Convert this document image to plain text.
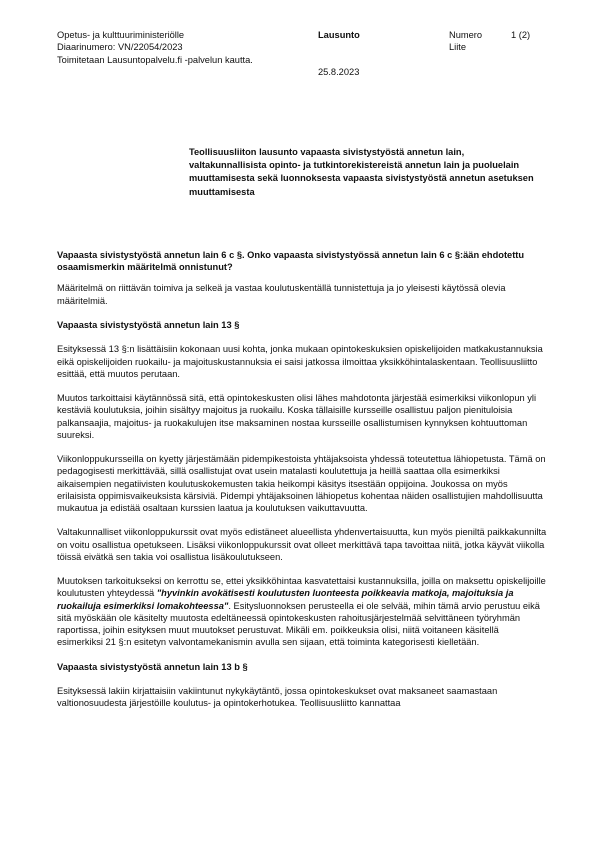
Opetus- ja kulttuuriministeriölle
Diaarinumero: VN/22054/2023
Toimitetaan Lausuntopalvelu.fi -palvelun kautta.
Lausunto
25.8.2023
Numero	1 (2)
Liite
Teollisuusliiton lausunto vapaasta sivistystyöstä annetun lain, valtakunnallisista opinto- ja tutkintorekistereistä annetun lain ja puoluelain muuttamisesta sekä luonnoksesta vapaasta sivistystyöstä annetun asetuksen muuttamisesta
Vapaasta sivistystyöstä annetun lain 6 c §. Onko vapaasta sivistystyössä annetun lain 6 c §:ään ehdotettu osaamismerkin määritelmä onnistunut?

Määritelmä on riittävän toimiva ja selkeä ja vastaa koulutuskentällä tunnistettuja ja jo yleisesti käytössä olevia määritelmiä.

Vapaasta sivistystyöstä annetun lain 13 §

Esityksessä 13 §:n lisättäisiin kokonaan uusi kohta, jonka mukaan opintokeskuksien opiskelijoiden matkakustannuksia eikä opiskelijoiden ruokailu- ja majoituskustannuksia ei saisi jatkossa ilmoittaa yksikköhintalaskentaan. Teollisuusliitto esittää, että muutos perutaan.

Muutos tarkoittaisi käytännössä sitä, että opintokeskusten olisi lähes mahdotonta järjestää esimerkiksi viikonlopun yli kestäviä koulutuksia, joihin sisältyy majoitus ja ruokailu. Koska tällaisille kursseille osallistuu paljon pienituloisia palkansaajia, majoitus- ja ruokakulujen itse maksaminen nostaa kursseille osallistumisen kynnyksen kohtuuttoman suureksi.

Viikonloppukursseilla on kyetty järjestämään pidempikestoista yhtäjaksoista yhdessä toteutettua lähiopetusta. Tämä on pedagogisesti merkittävää, sillä osallistujat ovat usein matalasti koulutettuja ja heillä saattaa olla esimerkiksi aikaisempien negatiivisten koulutuskokemusten takia heikompi käsitys itsestään oppijoina. Joukossa on myös erilaisista oppimisvaikeuksista kärsiviä. Pidempi yhtäjaksoinen lähiopetus kohentaa näiden osallistujien mahdollisuutta mukautua ja edistää osaltaan kurssien laatua ja koulutuksen vaikuttavuutta.

Valtakunnalliset viikonloppukurssit ovat myös edistäneet alueellista yhdenvertaisuutta, kun myös pieniltä paikkakunnilta on voitu osallistua opetukseen. Lisäksi viikonloppukurssit ovat olleet merkittävä tapa tavoittaa niitä, jotka käyvät viikolla töissä eivätkä sen takia voi osallistua lisäkoulutukseen.

Muutoksen tarkoitukseksi on kerrottu se, ettei yksikköhintaa kasvatettaisi kustannuksilla, joilla on maksettu opiskelijoille koulutusten yhteydessä "hyvinkin avokätisesti koulutusten luonteesta poikkeavia matkoja, majoituksia ja ruokailuja esimerkiksi lomakohteessa". Esitysluonnoksen perusteella ei ole selvää, mihin tämä arvio perustuu eikä sitä myöskään ole käsitelty muutosta edeltäneessä opintokeskusten rahoitusjärjestelmää selvittäneen työryhmän raportissa, joihin esityksen muut muutokset perustuvat. Mikäli em. poikkeuksia olisi, niitä voitaneen käsitellä esimerkiksi 21 §:n esitetyn valvontamekanismin avulla sen sijaan, että toiminta kategorisesti kielletään.

Vapaasta sivistystyöstä annetun lain 13 b §

Esityksessä lakiin kirjattaisiin vakiintunut nykykäytäntö, jossa opintokeskukset ovat maksaneet saamastaan valtionosuudesta järjestöille koulutus- ja opintokerhotukea. Teollisuusliitto kannattaa
